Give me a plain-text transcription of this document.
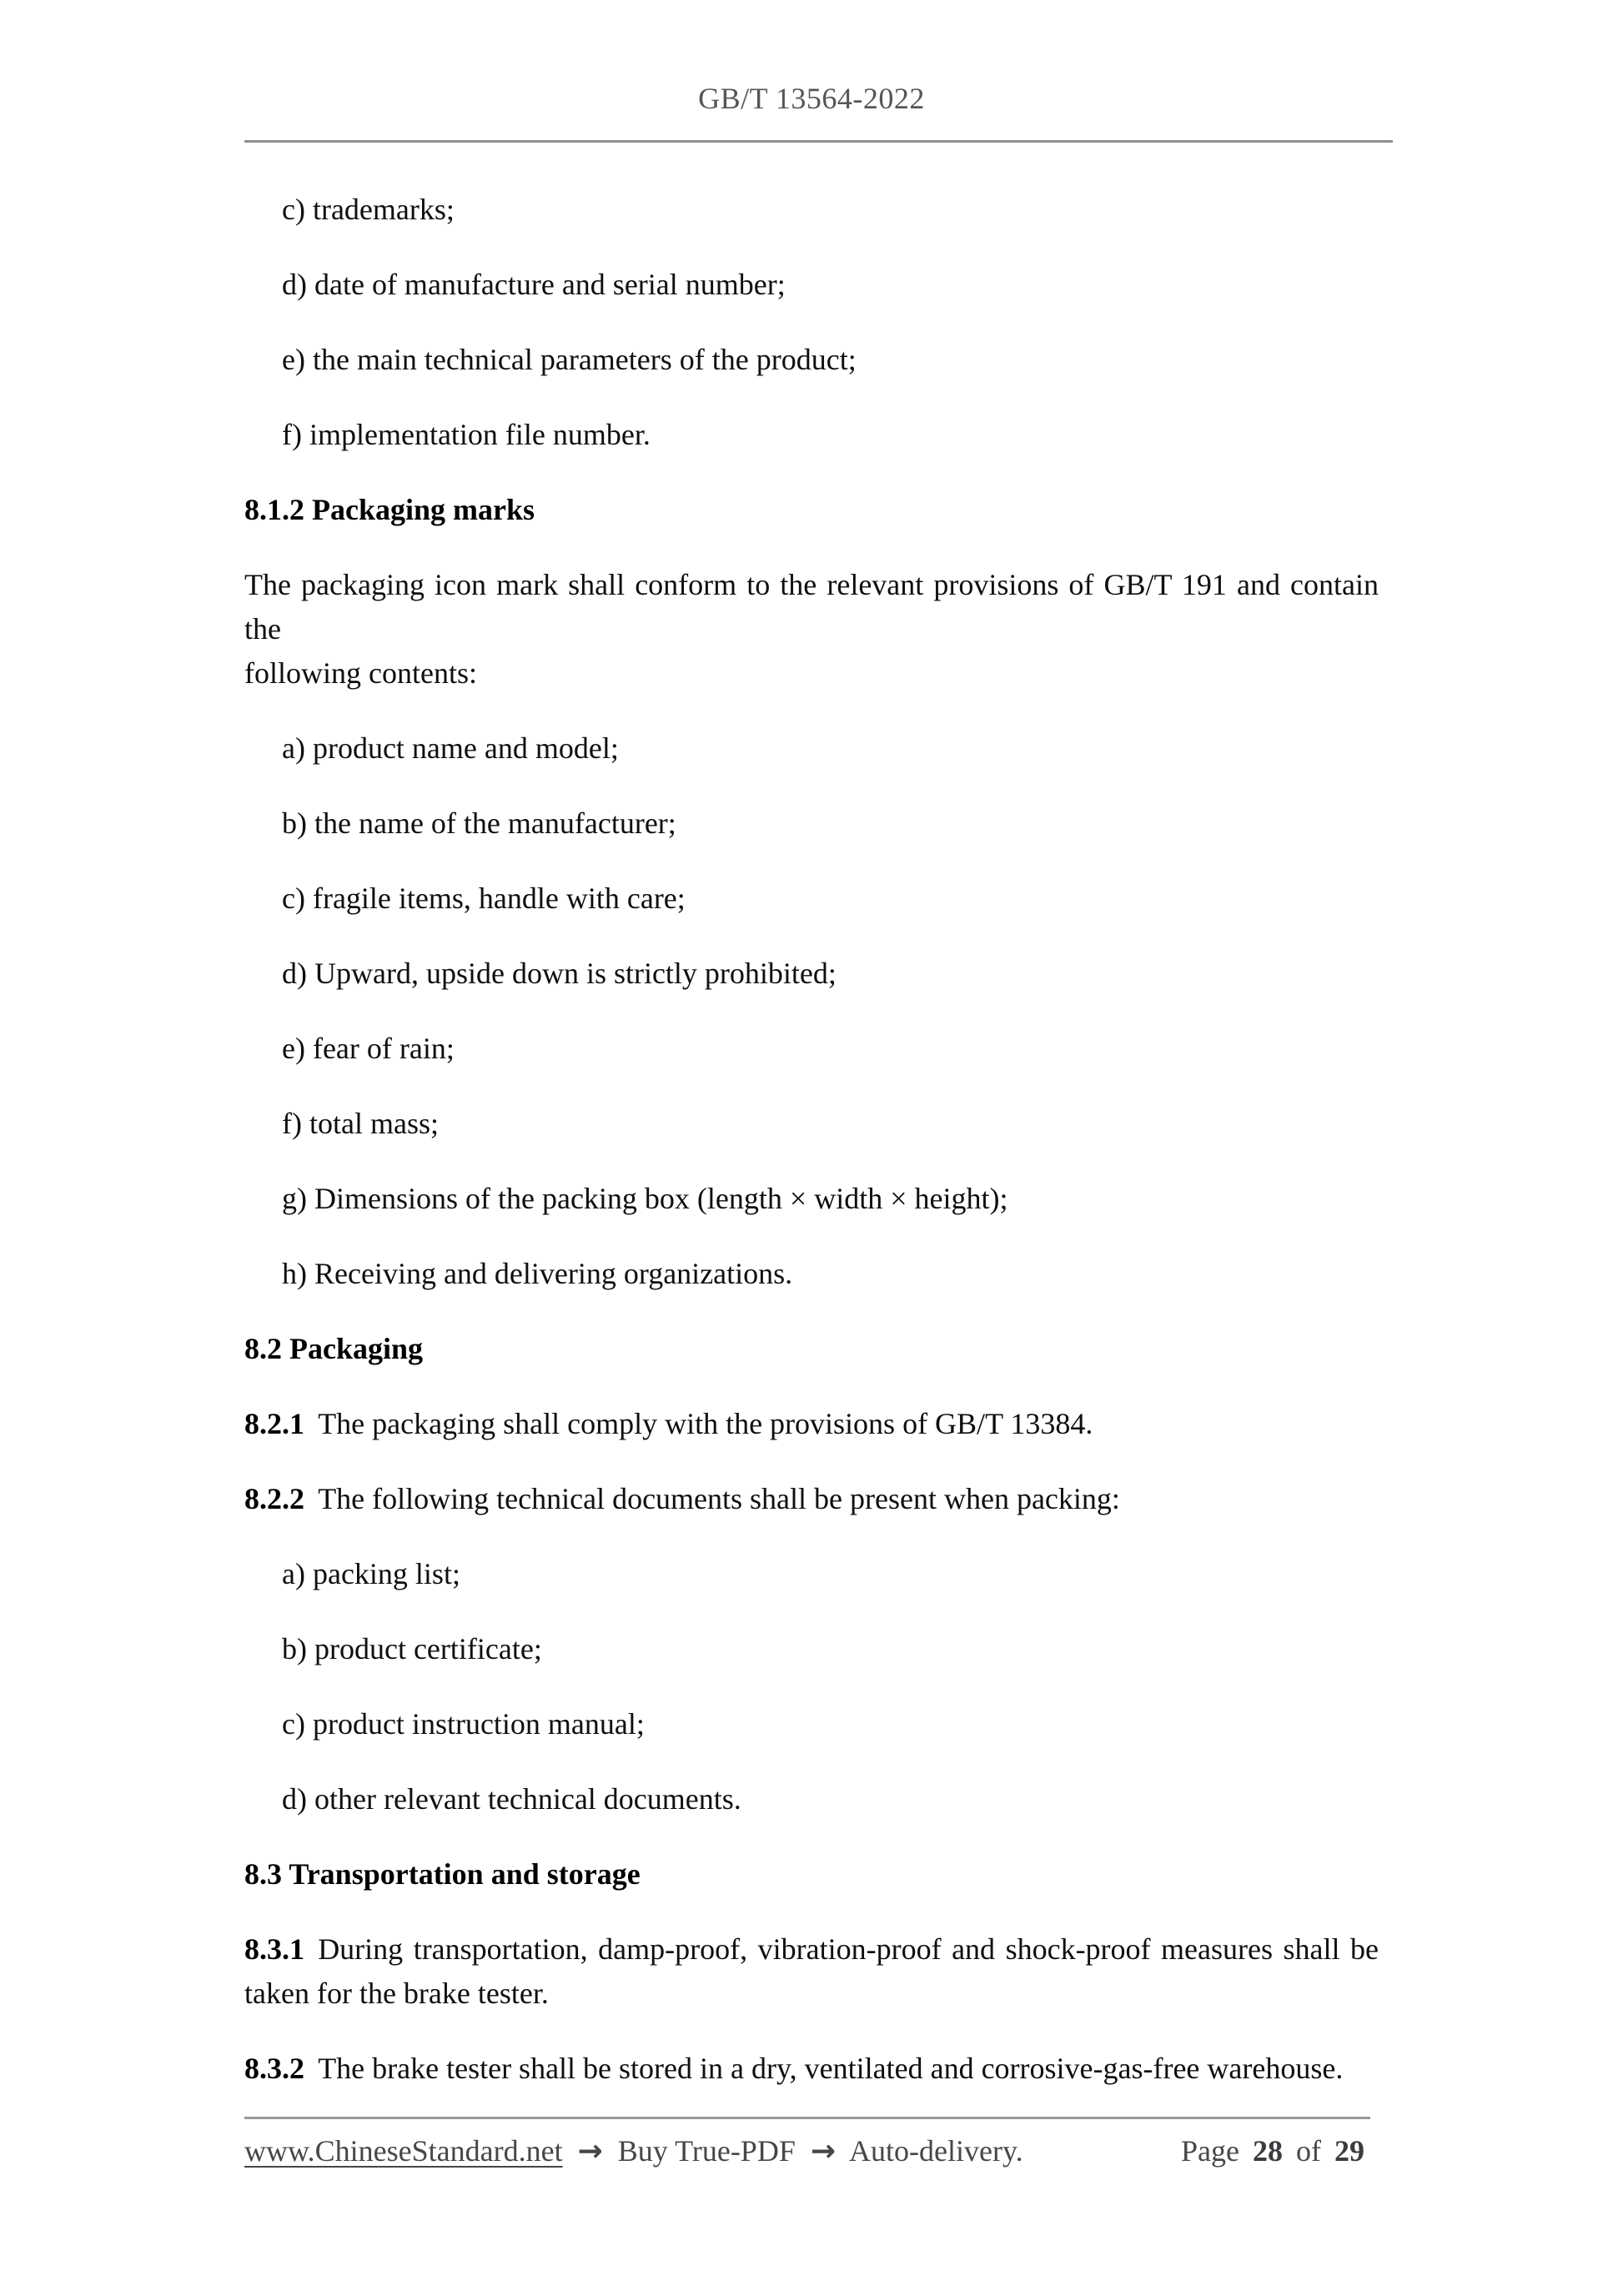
GB/T 13564-2022
c) trademarks;
d) date of manufacture and serial number;
e) the main technical parameters of the product;
f) implementation file number.
8.1.2 Packaging marks
The packaging icon mark shall conform to the relevant provisions of GB/T 191 and contain the
following contents:
a) product name and model;
b) the name of the manufacturer;
c) fragile items, handle with care;
d) Upward, upside down is strictly prohibited;
e) fear of rain;
f) total mass;
g) Dimensions of the packing box (length × width × height);
h) Receiving and delivering organizations.
8.2 Packaging
8.2.1 The packaging shall comply with the provisions of GB/T 13384.
8.2.2 The following technical documents shall be present when packing:
a) packing list;
b) product certificate;
c) product instruction manual;
d) other relevant technical documents.
8.3 Transportation and storage
8.3.1 During transportation, damp-proof, vibration-proof and shock-proof measures shall be
taken for the brake tester.
8.3.2 The brake tester shall be stored in a dry, ventilated and corrosive-gas-free warehouse.
www.ChineseStandard.net → Buy True-PDF → Auto-delivery.	Page 28 of 29
